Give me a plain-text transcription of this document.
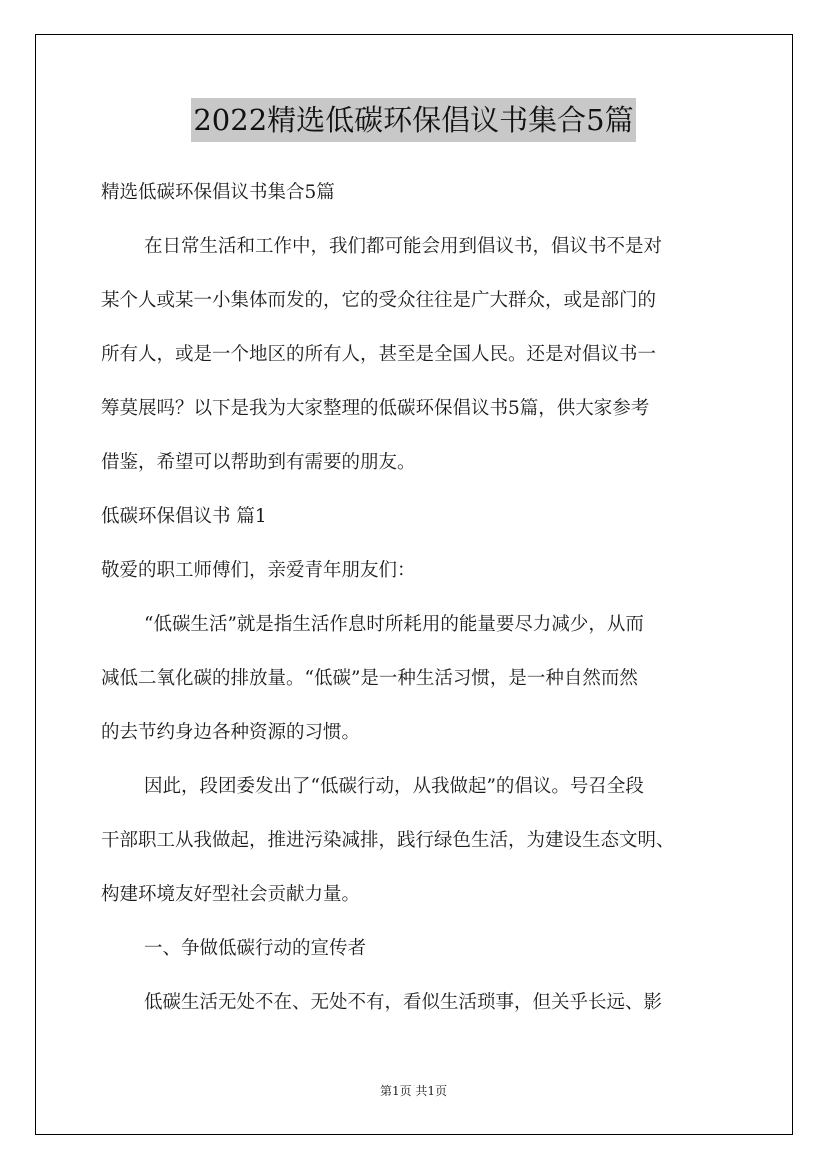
2022精选低碳环保倡议书集合5篇
精选低碳环保倡议书集合5篇
在日常生活和工作中，我们都可能会用到倡议书，倡议书不是对
某个人或某一小集体而发的，它的受众往往是广大群众，或是部门的
所有人，或是一个地区的所有人，甚至是全国人民。还是对倡议书一
筹莫展吗？以下是我为大家整理的低碳环保倡议书5篇，供大家参考
借鉴，希望可以帮助到有需要的朋友。
低碳环保倡议书 篇1
敬爱的职工师傅们，亲爱青年朋友们：
“低碳生活”就是指生活作息时所耗用的能量要尽力减少，从而
减低二氧化碳的排放量。“低碳”是一种生活习惯，是一种自然而然
的去节约身边各种资源的习惯。
因此，段团委发出了“低碳行动，从我做起”的倡议。号召全段
干部职工从我做起，推进污染减排，践行绿色生活，为建设生态文明、
构建环境友好型社会贡献力量。
一、争做低碳行动的宣传者
低碳生活无处不在、无处不有，看似生活琐事，但关乎长远、影
第1页 共1页
